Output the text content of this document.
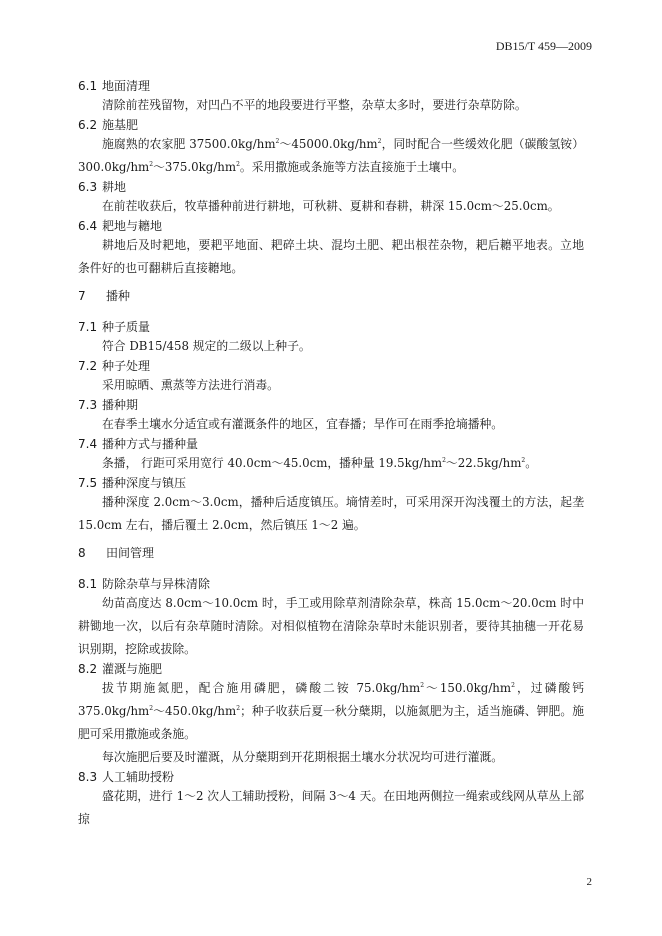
DB15/T 459—2009
6.1 地面清理

清除前茬残留物，对凹凸不平的地段要进行平整，杂草太多时，要进行杂草防除。

6.2 施基肥

施腐熟的农家肥 $37500.0kg/hm^2\sim 45000.0kg/hm^2$，同时配合一些缓效化肥（碳酸氢铵）$300.0kg/hm^2\sim 375.0kg/hm^2$。采用撒施或条施等方法直接施于土壤中。

6.3 耕地

在前茬收获后，牧草播种前进行耕地，可秋耕、夏耕和春耕，耕深 15.0cm～25.0cm。

6.4 耙地与耱地

耕地后及时耙地，要耙平地面、耙碎土块、混均土肥、耙出根茬杂物，耙后耱平地表。立地条件好的也可翻耕后直接耱地。

7 播种
7.1 种子质量

符合 DB15/458 规定的二级以上种子。

7.2 种子处理

采用晾晒、熏蒸等方法进行消毒。

7.3 播种期

在春季土壤水分适宜或有灌溉条件的地区，宜春播；旱作可在雨季抢墒播种。

7.4 播种方式与播种量

条播， 行距可采用宽行 40.0cm～45.0cm，播种量 $19.5kg/hm^2\sim 22.5kg/hm^2$。

7.5 播种深度与镇压

播种深度 2.0cm～3.0cm，播种后适度镇压。墒情差时，可采用深开沟浅覆土的方法，起垄 15.0cm 左右，播后覆土 2.0cm，然后镇压 1～2 遍。

8 田间管理
8.1 防除杂草与异株清除

幼苗高度达 8.0cm～10.0cm 时，手工或用除草剂清除杂草，株高 15.0cm～20.0cm 时中耕锄地一次，以后有杂草随时清除。对相似植物在清除杂草时未能识别者，要待其抽穗一开花易识别期，挖除或拔除。

8.2 灌溉与施肥

拔节期施氮肥，配合施用磷肥，磷酸二铵 $75.0kg/hm^2\sim 150.0kg/hm^2$，过磷酸钙 $375.0kg/hm^2\sim 450.0kg/hm^2$；种子收获后夏一秋分蘖期，以施氮肥为主，适当施磷、钾肥。施肥可采用撒施或条施。

每次施肥后要及时灌溉，从分蘖期到开花期根据土壤水分状况均可进行灌溉。

8.3 人工辅助授粉

盛花期，进行 1～2 次人工辅助授粉，间隔 3～4 天。在田地两侧拉一绳索或线网从草丛上部掠

2
